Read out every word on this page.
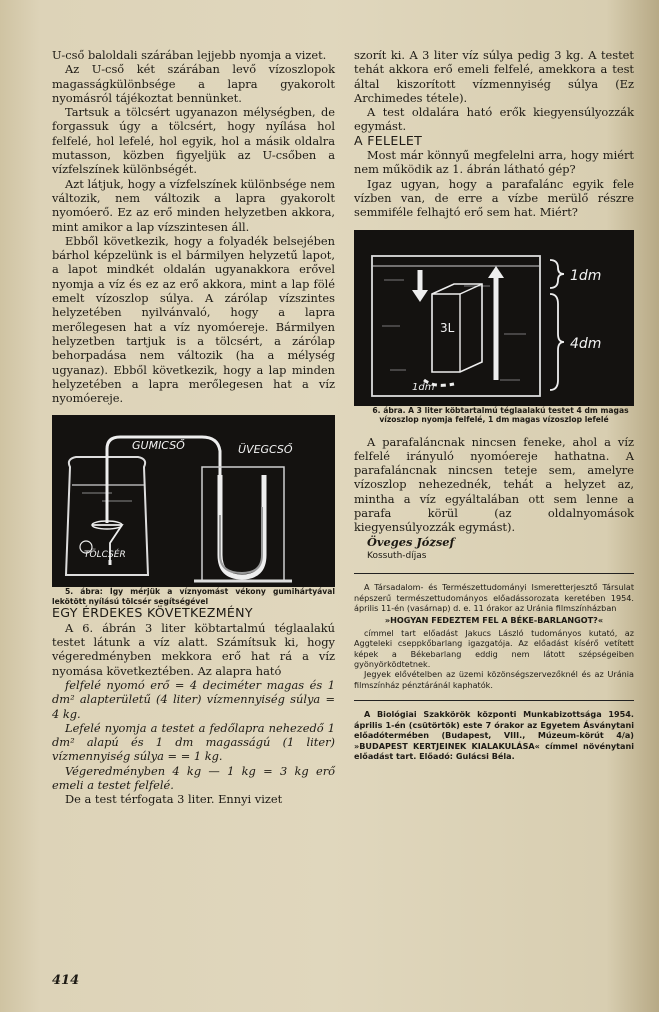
U-cső baloldali szárában lejjebb nyomja a vizet.

Az U-cső két szárában levő vízoszlopok magasságkülönbsége a lapra gyakorolt nyomásról tájékoztat bennünket.

Tartsuk a tölcsért ugyanazon mélységben, de forgassuk úgy a tölcsért, hogy nyílása hol felfelé, hol lefelé, hol egyik, hol a másik oldalra mutasson, közben figyeljük az U-csőben a vízfelszínek különbségét.

Azt látjuk, hogy a vízfelszínek különbsége nem változik, nem változik a lapra gyakorolt nyomóerő. Ez az erő minden helyzetben akkora, mint amikor a lap vízszintesen áll.

Ebből következik, hogy a folyadék belsejében bárhol képzelünk is el bármilyen helyzetű lapot, a lapot mindkét oldalán ugyanakkora erővel nyomja a víz és ez az erő akkora, mint a lap fölé emelt vízoszlop súlya. A zárólap vízszintes helyzetében nyilvánvaló, hogy a lapra merőlegesen hat a víz nyomóereje. Bármilyen helyzetben tartjuk is a tölcsért, a zárólap behorpadása nem változik (ha a mélység ugyanaz). Ebből következik, hogy a lap minden helyzetében a lapra merőlegesen hat a víz nyomóereje.

GUMICSŐ	ÜVEGCSŐ
TÖLCSÉR

5. ábra: Így mérjük a víznyomást vékony gumihártyával lekötött nyílású tölcsér segítségével

EGY ÉRDEKES KÖVETKEZMÉNY

A 6. ábrán 3 liter köbtartalmú téglaalakú testet látunk a víz alatt. Számítsuk ki, hogy végeredményben mekkora erő hat rá a víz nyomása következtében. Az alapra ható

felfelé nyomó erő = 4 deciméter magas és 1 dm² alapterületű (4 liter) vízmennyiség súlya = 4 kg.

Lefelé nyomja a testet a fedőlapra nehezedő 1 dm² alapú és 1 dm magasságú (1 liter) vízmennyiség súlya = = 1 kg.

Végeredményben 4 kg — 1 kg = 3 kg erő emeli a testet felfelé.

De a test térfogata 3 liter. Ennyi vizet

szorít ki. A 3 liter víz súlya pedig 3 kg. A testet tehát akkora erő emeli felfelé, amekkora a test által kiszorított vízmennyiség súlya (Ez Archimedes tétele).

A test oldalára ható erők kiegyensúlyozzák egymást.

A FELELET

Most már könnyű megfelelni arra, hogy miért nem működik az 1. ábrán látható gép?

Igaz ugyan, hogy a parafalánc egyik fele vízben van, de erre a vízbe merülő részre semmiféle felhajtó erő sem hat. Miért?

1dm
4dm
3L
1dm

6. ábra. A 3 liter köbtartalmú téglaalakú testet 4 dm magas vízoszlop nyomja felfelé, 1 dm magas vízoszlop lefelé

A parafaláncnak nincsen feneke, ahol a víz felfelé irányuló nyomóereje hathatna. A parafaláncnak nincsen teteje sem, amelyre vízoszlop nehezednék, tehát a helyzet az, mintha a víz egyáltalában ott sem lenne a parafa körül (az oldalnyomások kiegyensúlyozzák egymást).

Öveges József

Kossuth-díjas

A Társadalom- és Természettudományi Ismeretterjesztő Társulat népszerű természettudományos előadássorozata keretében 1954. április 11-én (vasárnap) d. e. 11 órakor az Uránia filmszínházban

»HOGYAN FEDEZTEM FEL A BÉKE-BARLANGOT?«

címmel tart előadást Jakucs László tudományos kutató, az Aggteleki cseppkőbarlang igazgatója. Az előadást kísérő vetített képek a Békebarlang eddig nem látott szépségeiben gyönyörködtetnek.

Jegyek elővételben az üzemi közönségszervezőknél és az Uránia filmszínház pénztáránál kaphatók.

A Biológiai Szakkörök központi Munkabizottsága 1954. április 1-én (csütörtök) este 7 órakor az Egyetem Ásványtani előadótermében (Budapest, VIII., Múzeum-körút 4/a) »BUDAPEST KERTJEINEK KIALAKULÁSA« címmel növénytani előadást tart. Előadó: Gulácsi Béla.

414
